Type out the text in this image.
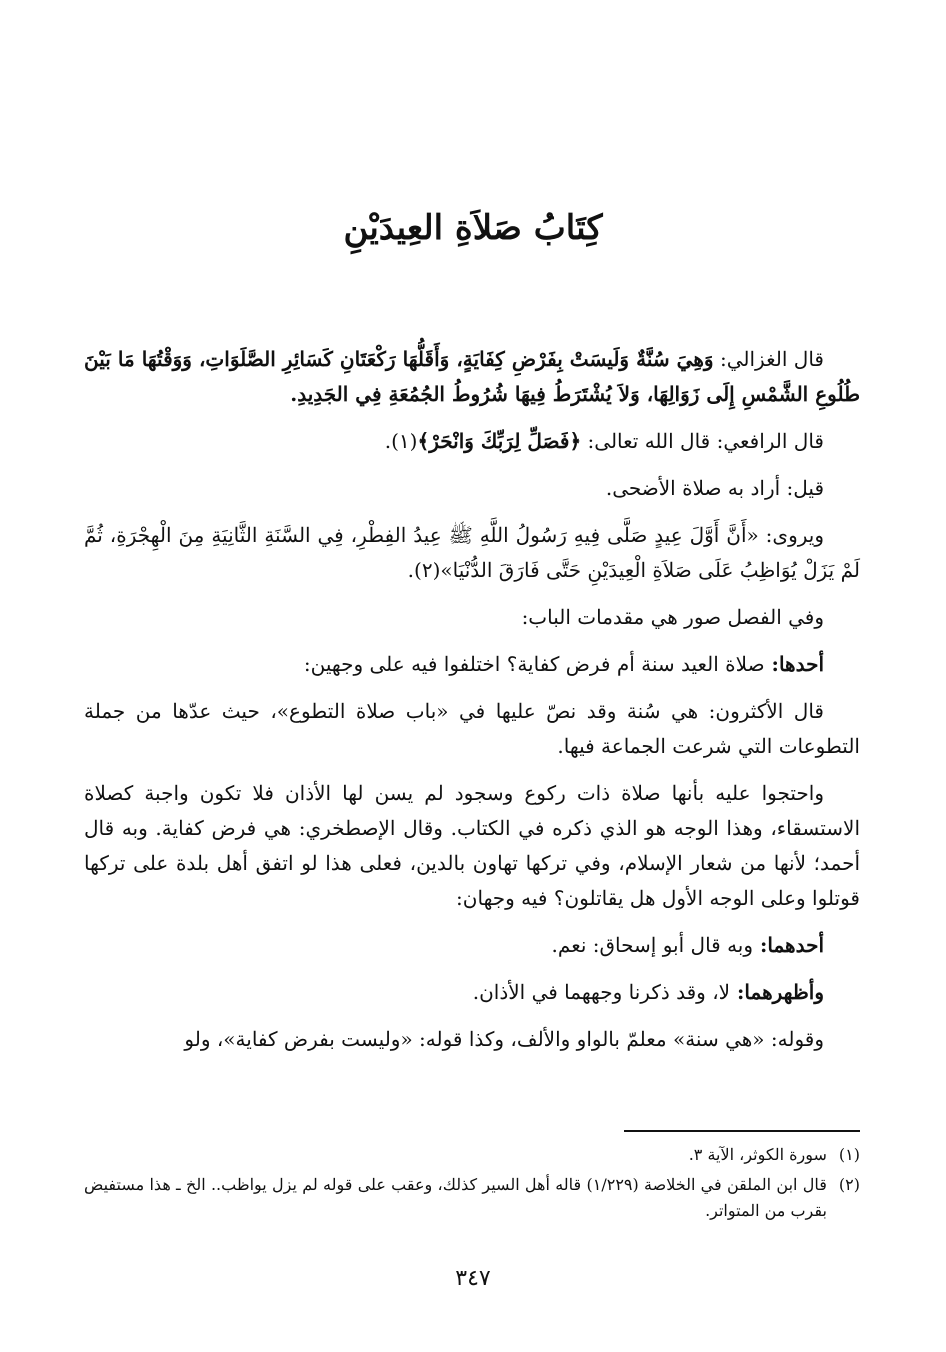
كِتَابُ صَلاَةِ العِيدَيْنِ

قال الغزالي: وَهِيَ سُنَّةٌ وَلَيسَتْ بِفَرْضِ كِفَايَةٍ، وَأَقَلُّهَا رَكْعَتَانِ كَسَائِرِ الصَّلَوَاتِ، وَوَقْتُهَا مَا بَيْنَ طُلُوعِ الشَّمْسِ إِلَى زَوَالِهَا، وَلاَ يُشْتَرَطُ فِيهَا شُرُوطُ الجُمُعَةِ فِي الجَدِيدِ.

قال الرافعي: قال الله تعالى: ﴿فَصَلِّ لِرَبِّكَ وَانْحَرْ﴾(١).

قيل: أراد به صلاة الأضحى.

ويروى: «أَنَّ أَوَّلَ عِيدٍ صَلَّى فِيهِ رَسُولُ اللَّهِ ﷺ عِيدُ الفِطْرِ، فِي السَّنَةِ الثَّانِيَةِ مِنَ الْهِجْرَةِ، ثُمَّ لَمْ يَزَلْ يُوَاظِبُ عَلَى صَلاَةِ الْعِيدَيْنِ حَتَّى فَارَقَ الدُّنْيَا»(٢).

وفي الفصل صور هي مقدمات الباب:

أحدها: صلاة العيد سنة أم فرض كفاية؟ اختلفوا فيه على وجهين:

قال الأكثرون: هي سُنة وقد نصّ عليها في «باب صلاة التطوع»، حيث عدّها من جملة التطوعات التي شرعت الجماعة فيها.

واحتجوا عليه بأنها صلاة ذات ركوع وسجود لم يسن لها الأذان فلا تكون واجبة كصلاة الاستسقاء، وهذا الوجه هو الذي ذكره في الكتاب. وقال الإصطخري: هي فرض كفاية. وبه قال أحمد؛ لأنها من شعار الإسلام، وفي تركها تهاون بالدين، فعلى هذا لو اتفق أهل بلدة على تركها قوتلوا وعلى الوجه الأول هل يقاتلون؟ فيه وجهان:

أحدهما: وبه قال أبو إسحاق: نعم.

وأظهرهما: لا، وقد ذكرنا وجههما في الأذان.

وقوله: «هي سنة» معلمّ بالواو والألف، وكذا قوله: «وليست بفرض كفاية»، ولو

(١)
سورة الكوثر، الآية ٣.
(٢)
قال ابن الملقن في الخلاصة (١/٢٢٩) قاله أهل السير كذلك، وعقب على قوله لم يزل يواظب.. الخ ـ هذا مستفيض بقرب من المتواتر.
٣٤٧
